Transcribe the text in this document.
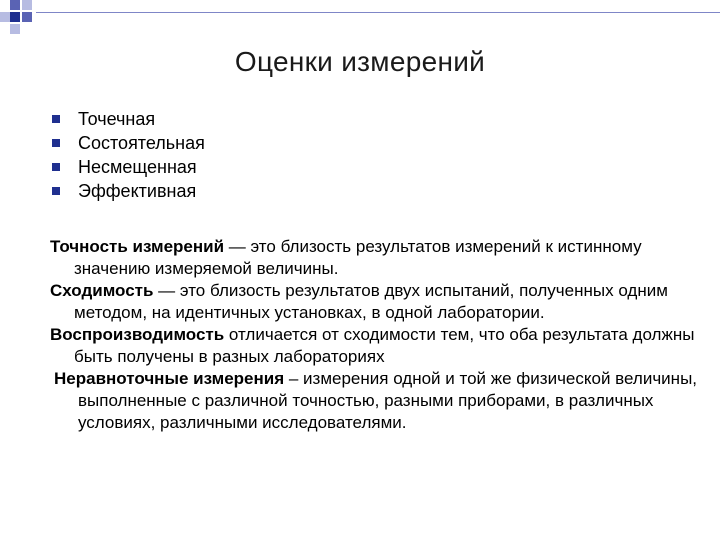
Оценки измерений
Точечная
Состоятельная
Несмещенная
Эффективная

Точность измерений — это близость результатов измерений к истинному значению измеряемой величины.

Сходимость — это близость результатов двух испытаний, полученных одним методом, на идентичных установках, в одной лаборатории.

Воспроизводимость отличается от сходимости тем, что оба результата должны быть получены в разных лабораториях

Неравноточные измерения – измерения одной и той же физической величины, выполненные с различной точностью, разными приборами, в различных условиях, различными исследователями.
